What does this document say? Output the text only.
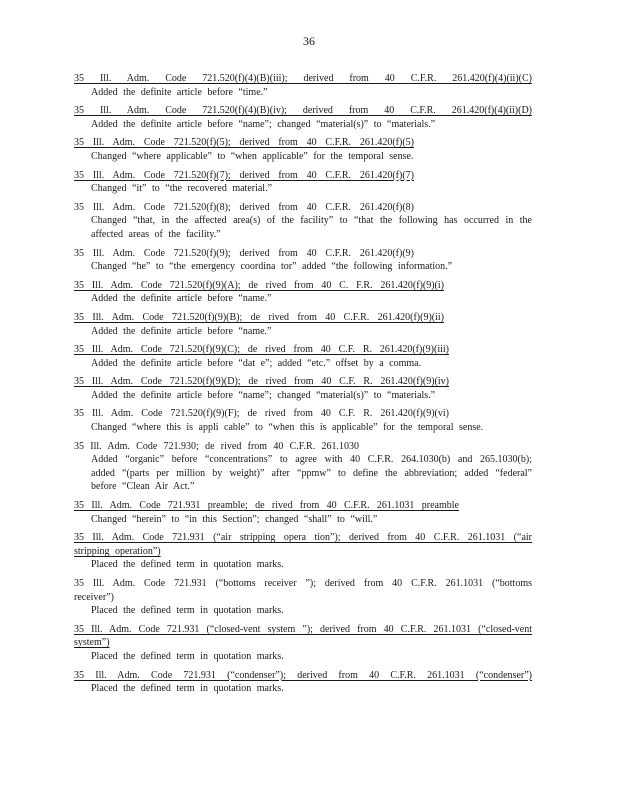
36
35 Ill. Adm. Code 721.520(f)(4)(B)(iii); derived from 40 C.F.R. 261.420(f)(4)(ii)(C)
Added the definite article before “time.”
35 Ill. Adm. Code 721.520(f)(4)(B)(iv); derived from 40 C.F.R. 261.420(f)(4)(ii)(D)
Added the definite article before “name”; changed “material(s)” to “materials.”
35 Ill. Adm. Code 721.520(f)(5); derived from 40 C.F.R. 261.420(f)(5)
Changed “where applicable” to “when applicable” for the temporal sense.
35 Ill. Adm. Code 721.520(f)(7); derived from 40 C.F.R. 261.420(f)(7)
Changed “it” to “the recovered material.”
35 Ill. Adm. Code 721.520(f)(8); derived from 40 C.F.R. 261.420(f)(8)
Changed “that, in the affected area(s) of the facility” to “that the following has occurred in the affected areas of the facility.”
35 Ill. Adm. Code 721.520(f)(9); derived from 40 C.F.R. 261.420(f)(9)
Changed “he” to “the emergency coordina tor” added “the following information.”
35 Ill. Adm. Code 721.520(f)(9)(A); de rived from 40 C. F.R. 261.420(f)(9)(i)
Added the definite article before “name.”
35 Ill. Adm. Code 721.520(f)(9)(B); de rived from 40 C.F.R. 261.420(f)(9)(ii)
Added the definite article before “name.”
35 Ill. Adm. Code 721.520(f)(9)(C); de rived from 40 C.F. R. 261.420(f)(9)(iii)
Added the definite article before “dat e”; added “etc.” offset by a comma.
35 Ill. Adm. Code 721.520(f)(9)(D); de rived from 40 C.F. R. 261.420(f)(9)(iv)
Added the definite article before “name”; changed “material(s)” to “materials.”
35 Ill. Adm. Code 721.520(f)(9)(F); de rived from 40 C.F. R. 261.420(f)(9)(vi)
Changed “where this is appli cable” to “when this is applicable” for the temporal sense.
35 Ill. Adm. Code 721.930; de rived from 40 C.F.R. 261.1030
Added “organic” before “concentrations” to agree with 40 C.F.R. 264.1030(b) and 265.1030(b); added “(parts per million by weight)” after “ppmw” to define the abbreviation; added “federal” before “Clean Air Act.”
35 Ill. Adm. Code 721.931 preamble; de rived from 40 C.F.R. 261.1031 preamble
Changed “herein” to “in this Section”; changed “shall” to “will.”
35 Ill. Adm. Code 721.931 (“air stripping opera tion”); derived from 40 C.F.R. 261.1031 (“air stripping operation”)
Placed the defined term in quotation marks.
35 Ill. Adm. Code 721.931 (“bottoms receiver ”); derived from 40 C.F.R. 261.1031 (“bottoms receiver”)
Placed the defined term in quotation marks.
35 Ill. Adm. Code 721.931 (“closed-vent system ”); derived from 40 C.F.R. 261.1031 (“closed-vent system”)
Placed the defined term in quotation marks.
35 Ill. Adm. Code 721.931 (“condenser”); derived from 40 C.F.R. 261.1031 (“condenser”)
Placed the defined term in quotation marks.
